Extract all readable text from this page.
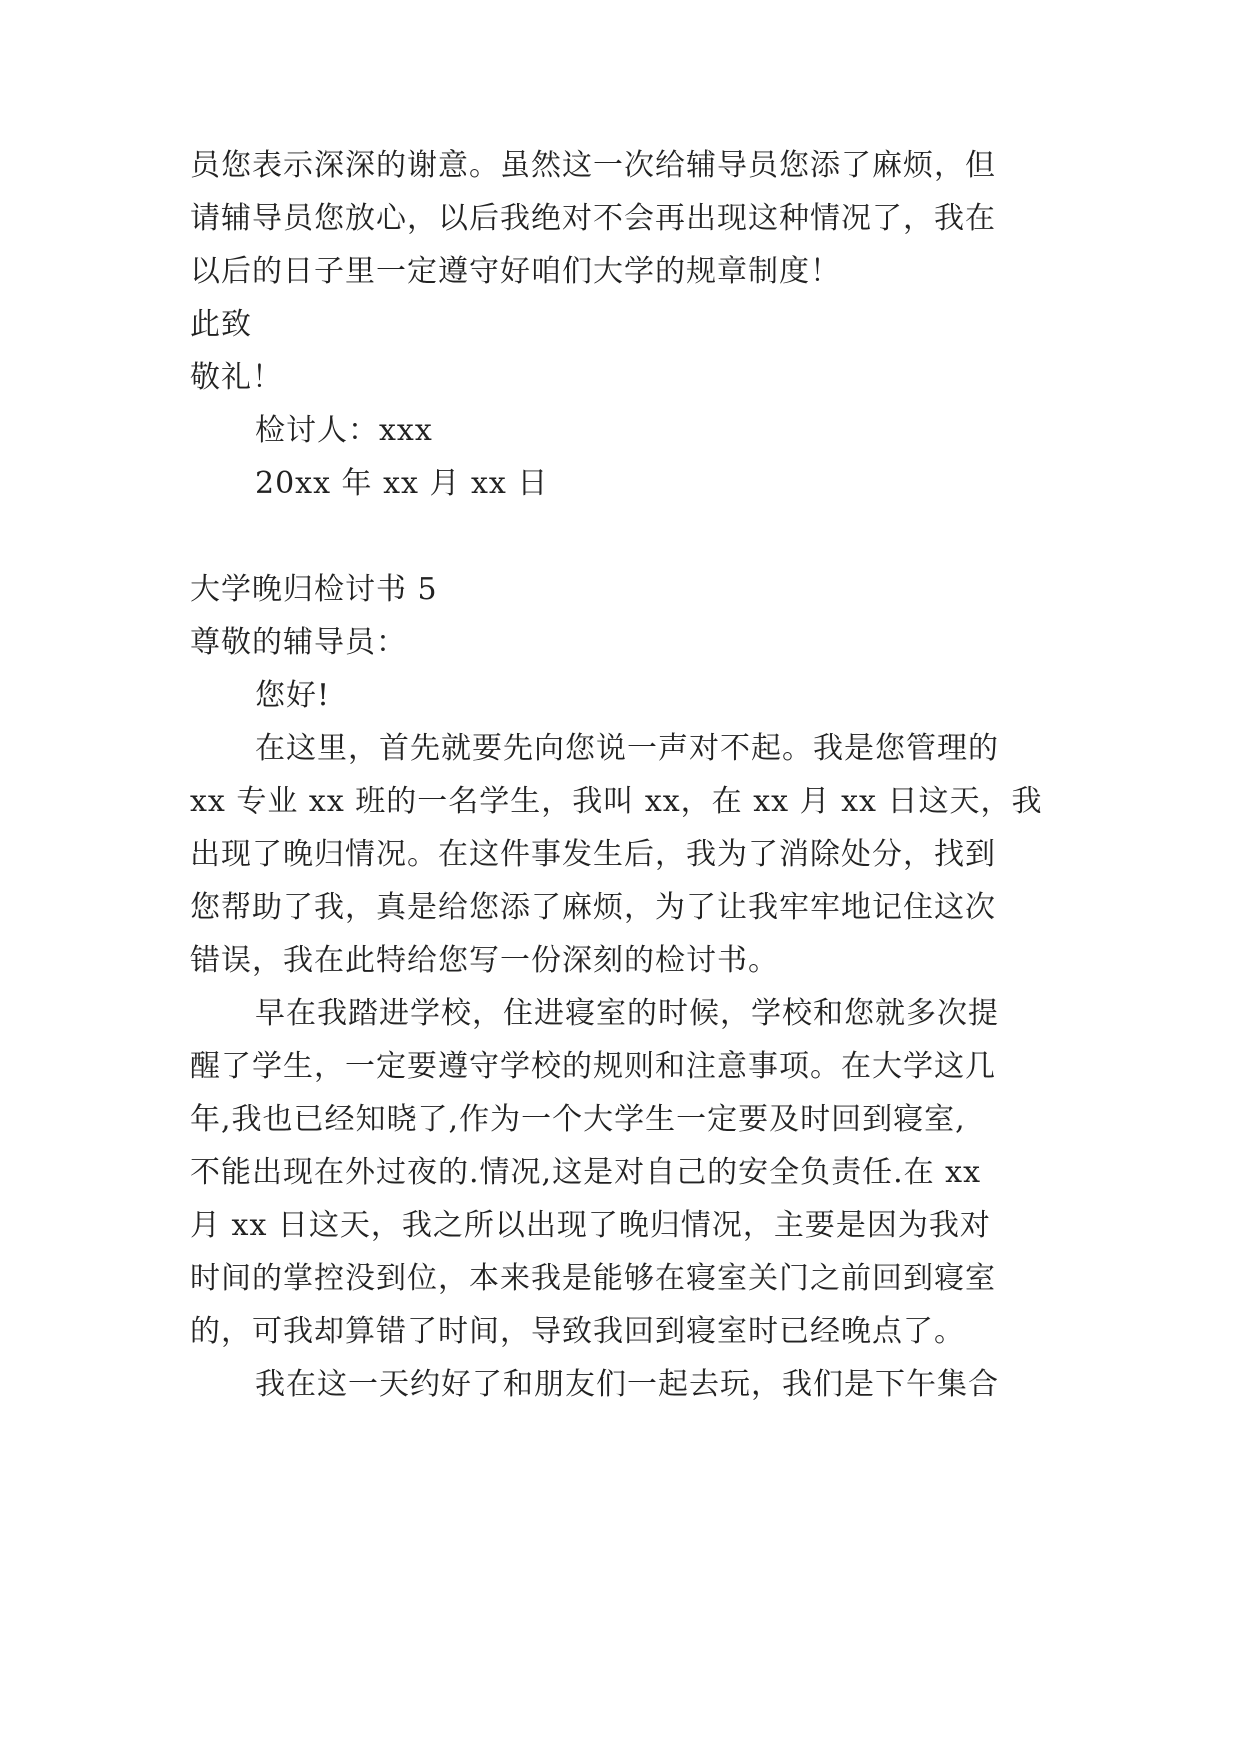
员您表示深深的谢意。虽然这一次给辅导员您添了麻烦，但
请辅导员您放心，以后我绝对不会再出现这种情况了，我在
以后的日子里一定遵守好咱们大学的规章制度！
此致
敬礼！
检讨人：xxx
20xx 年 xx 月 xx 日
大学晚归检讨书 5
尊敬的辅导员：
您好!
在这里，首先就要先向您说一声对不起。我是您管理的
xx 专业 xx 班的一名学生，我叫 xx，在 xx 月 xx 日这天，我
出现了晚归情况。在这件事发生后，我为了消除处分，找到
您帮助了我，真是给您添了麻烦，为了让我牢牢地记住这次
错误，我在此特给您写一份深刻的检讨书。
早在我踏进学校，住进寝室的时候，学校和您就多次提
醒了学生，一定要遵守学校的规则和注意事项。在大学这几
年,我也已经知晓了,作为一个大学生一定要及时回到寝室,
不能出现在外过夜的.情况,这是对自己的安全负责任.在 xx
月 xx 日这天，我之所以出现了晚归情况，主要是因为我对
时间的掌控没到位，本来我是能够在寝室关门之前回到寝室
的，可我却算错了时间，导致我回到寝室时已经晚点了。
我在这一天约好了和朋友们一起去玩，我们是下午集合
